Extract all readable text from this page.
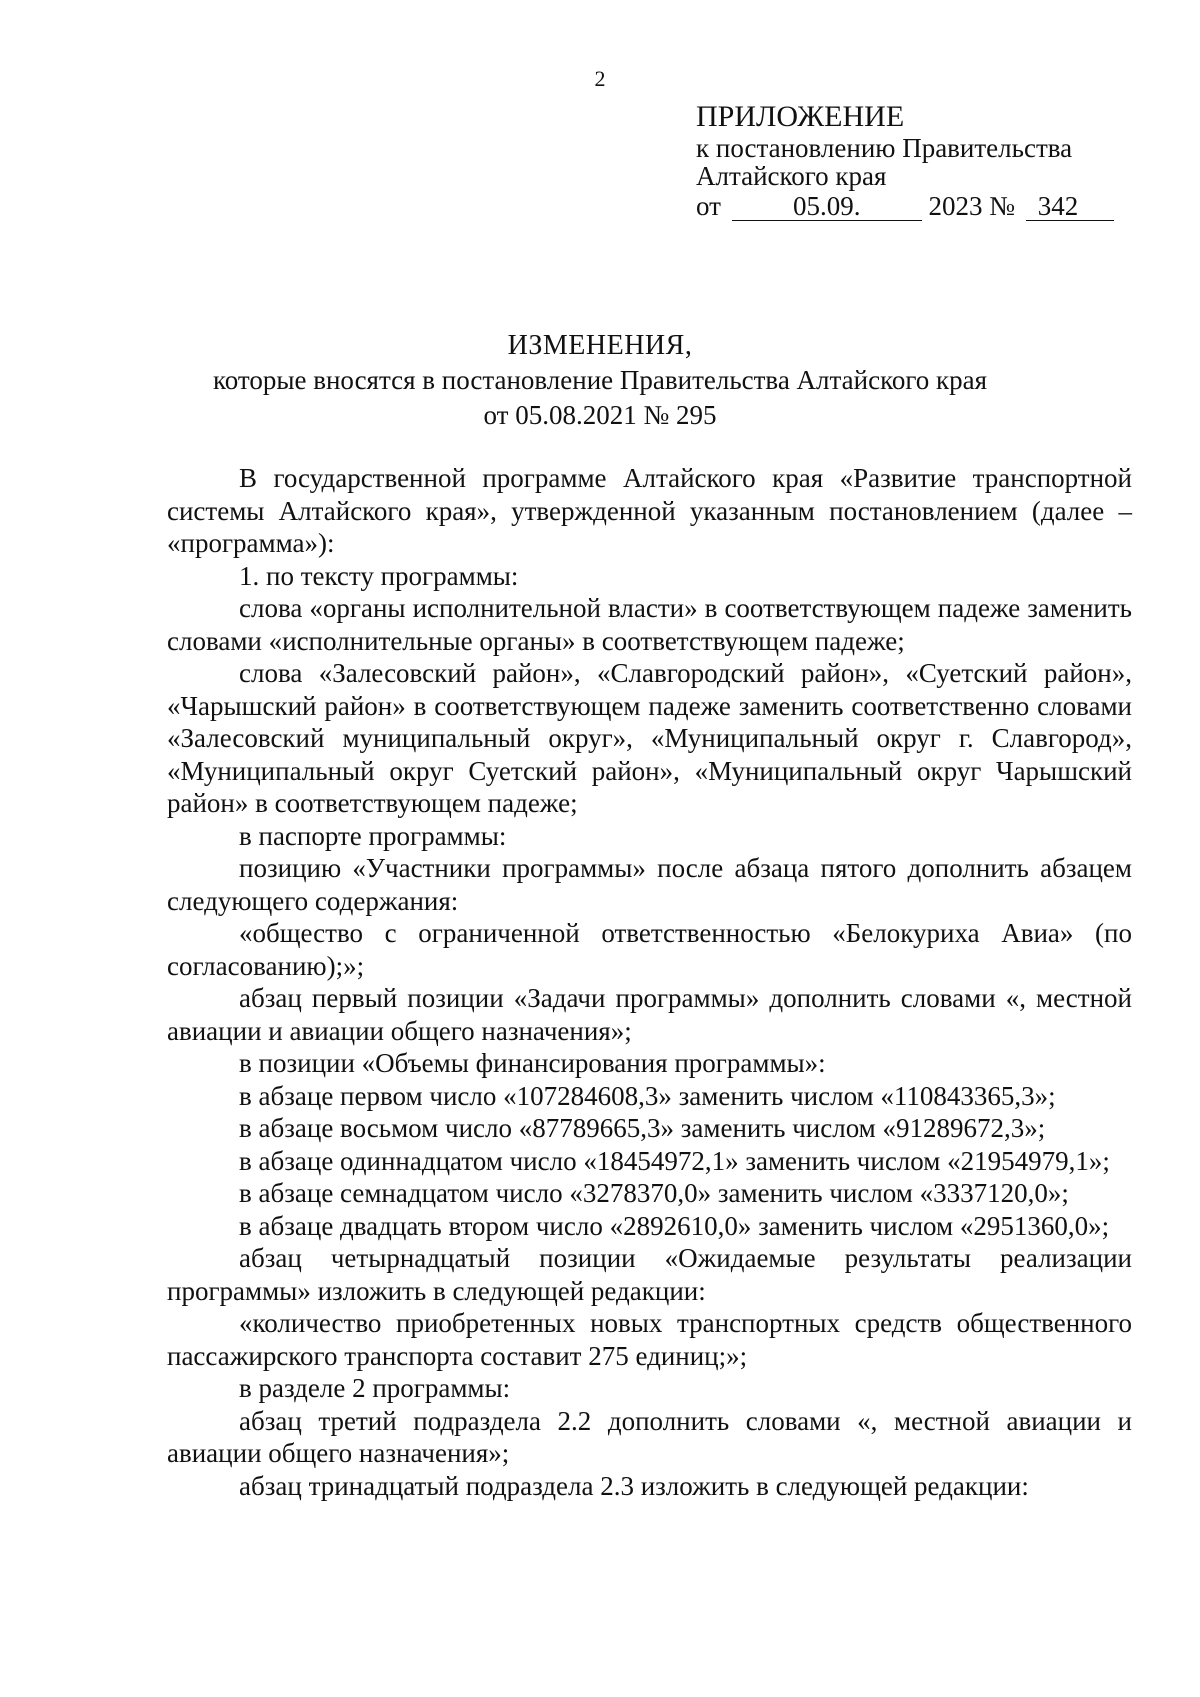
2
ПРИЛОЖЕНИЕ
к постановлению Правительства
Алтайского края
от	05.09.	2023 № 342
ИЗМЕНЕНИЯ,
которые вносятся в постановление Правительства Алтайского края
от 05.08.2021 № 295

В государственной программе Алтайского края «Развитие транспортной системы Алтайского края», утвержденной указанным постановлением (далее – «программа»):

1. по тексту программы:

слова «органы исполнительной власти» в соответствующем падеже заменить словами «исполнительные органы» в соответствующем падеже;

слова «Залесовский район», «Славгородский район», «Суетский район», «Чарышский район» в соответствующем падеже заменить соответственно словами «Залесовский муниципальный округ», «Муниципальный округ г. Славгород», «Муниципальный округ Суетский район», «Муниципальный округ Чарышский район» в соответствующем падеже;

в паспорте программы:

позицию «Участники программы» после абзаца пятого дополнить абзацем следующего содержания:

«общество с ограниченной ответственностью «Белокуриха Авиа» (по согласованию);»;

абзац первый позиции «Задачи программы» дополнить словами «, местной авиации и авиации общего назначения»;

в позиции «Объемы финансирования программы»:

в абзаце первом число «107284608,3» заменить числом «110843365,3»;

в абзаце восьмом число «87789665,3» заменить числом «91289672,3»;

в абзаце одиннадцатом число «18454972,1» заменить числом «21954979,1»;

в абзаце семнадцатом число «3278370,0» заменить числом «3337120,0»;

в абзаце двадцать втором число «2892610,0» заменить числом «2951360,0»;

абзац четырнадцатый позиции «Ожидаемые результаты реализации программы» изложить в следующей редакции:

«количество приобретенных новых транспортных средств общественного пассажирского транспорта составит 275 единиц;»;

в разделе 2 программы:

абзац третий подраздела 2.2 дополнить словами «, местной авиации и авиации общего назначения»;

абзац тринадцатый подраздела 2.3 изложить в следующей редакции:
